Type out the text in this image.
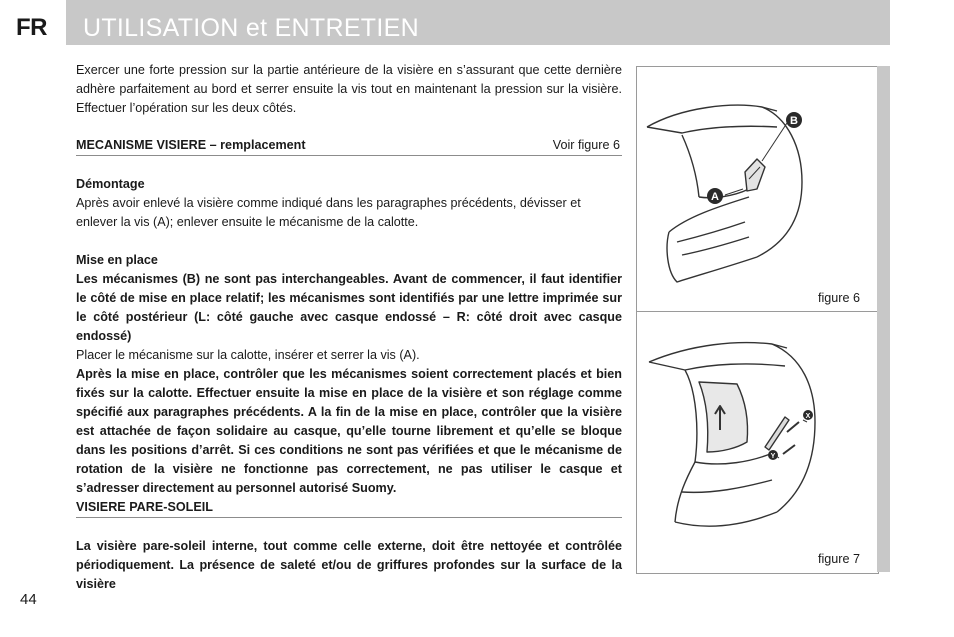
FR UTILISATION et ENTRETIEN

Exercer une forte pression sur la partie antérieure de la visière en s’assurant que cette dernière adhère parfaitement au bord et serrer ensuite la vis tout en maintenant la pression sur la visière. Effectuer l’opération sur les deux côtés.

MECANISME VISIERE – remplacement	Voir figure 6

Démontage

Après avoir enlevé la visière comme indiqué dans les paragraphes précédents, dévisser et enlever la vis (A); enlever ensuite le mécanisme de la calotte.

Mise en place

Les mécanismes (B) ne sont pas interchangeables. Avant de commencer, il faut identifier le côté de mise en place relatif; les mécanismes sont identifiés par une lettre imprimée sur le côté postérieur (L: côté gauche avec casque endossé – R: côté droit avec casque endossé)

Placer le mécanisme sur la calotte, insérer et serrer la vis (A).

Après la mise en place, contrôler que les mécanismes soient correctement placés et bien fixés sur la calotte. Effectuer ensuite la mise en place de la visière et son réglage comme spécifié aux paragraphes précédents. A la fin de la mise en place, contrôler que la visière est attachée de façon solidaire au casque, qu’elle tourne librement et qu’elle se bloque dans les positions d’arrêt. Si ces conditions ne sont pas vérifiées et que le mécanisme de rotation de la visière ne fonctionne pas correctement, ne pas utiliser le casque et s’adresser directement au personnel autorisé Suomy.

VISIERE PARE-SOLEIL

La visière pare-soleil interne, tout comme celle externe, doit être nettoyée et contrôlée périodiquement. La présence de saleté et/ou de griffures profondes sur la surface de la visière

A
B
figure 6
X
Y
figure 7
44
